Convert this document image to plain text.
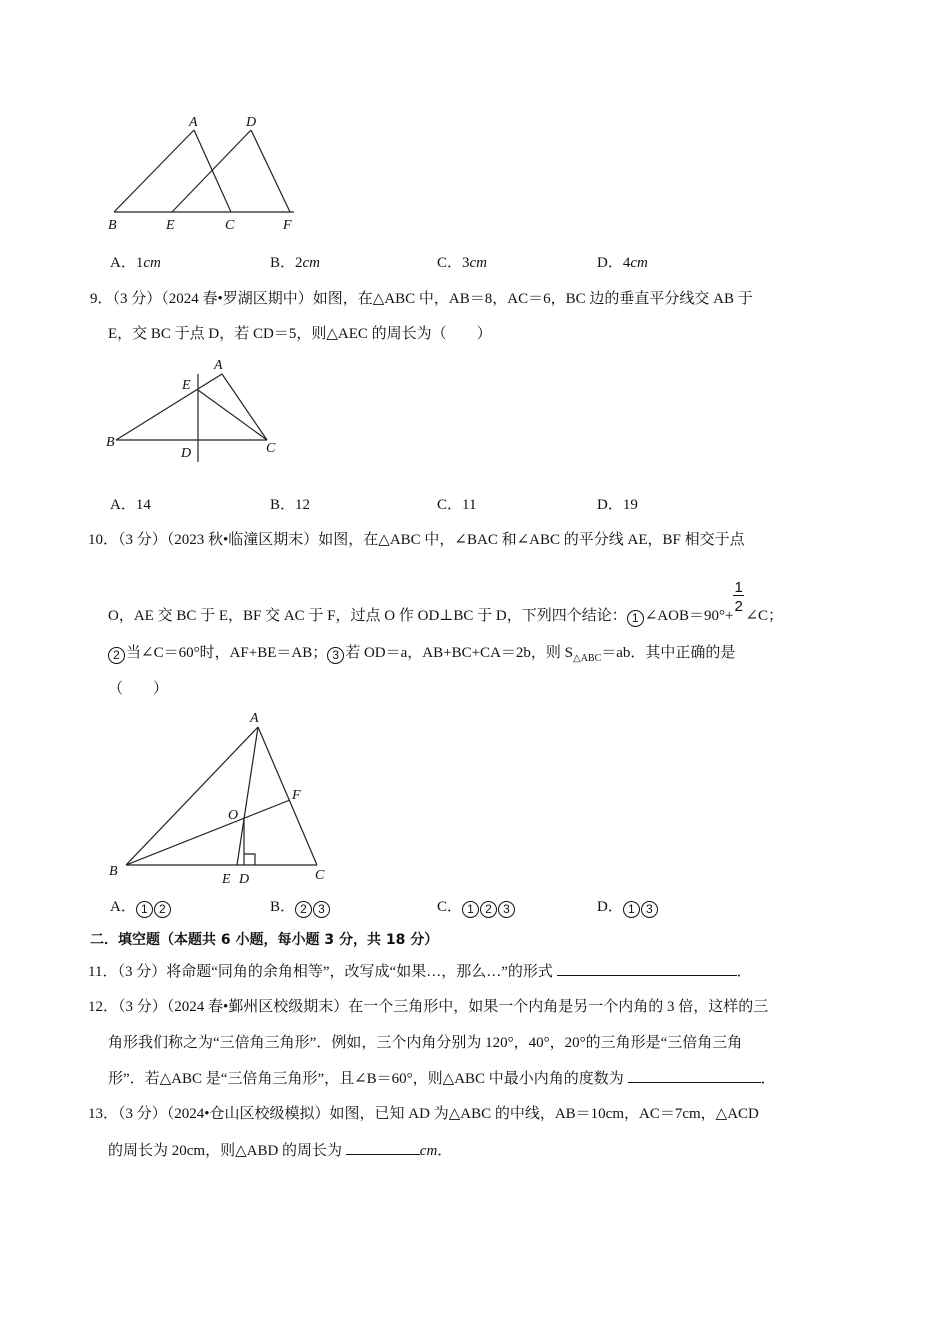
A	D
B	E	C	F
A．1cm	B．2cm	C．3cm	D．4cm
9．（3 分）（2024 春•罗湖区期中）如图，在△ABC 中，AB＝8，AC＝6，BC 边的垂直平分线交 AB 于
E，交 BC 于点 D，若 CD＝5，则△AEC 的周长为（　　）
A
E
B
D	C
A．14	B．12	C．11	D．19
10．（3 分）（2023 秋•临潼区期末）如图，在△ABC 中，∠BAC 和∠ABC 的平分线 AE，BF 相交于点
O，AE 交 BC 于 E，BF 交 AC 于 F，过点 O 作 OD⊥BC 于 D，下列四个结论： 1 ∠AOB＝90°+ $\frac{1}{2}$ ∠C；
2 当∠C＝60°时，AF+BE＝AB； 3 若 OD＝a，AB+BC+CA＝2b，则 $S_{\triangle ABC}=ab$．其中正确的是
（　　）
A
F
O
B
E D	C
A． 1 2	B． 2 3	C． 1 2 3	D． 1 3
二．填空题（本题共 6 小题，每小题 3 分，共 18 分）
11．（3 分）将命题“同角的余角相等”，改写成“如果…，那么…”的形式	．
12．（3 分）（2024 春•鄞州区校级期末）在一个三角形中，如果一个内角是另一个内角的 3 倍，这样的三
角形我们称之为“三倍角三角形”．例如，三个内角分别为 120°，40°，20°的三角形是“三倍角三角
形”．若△ABC 是“三倍角三角形”，且∠B＝60°，则△ABC 中最小内角的度数为	．
13．（3 分）（2024•仓山区校级模拟）如图，已知 AD 为△ABC 的中线，AB＝10cm，AC＝7cm，△ACD
的周长为 20cm，则△ABD 的周长为	cm．
